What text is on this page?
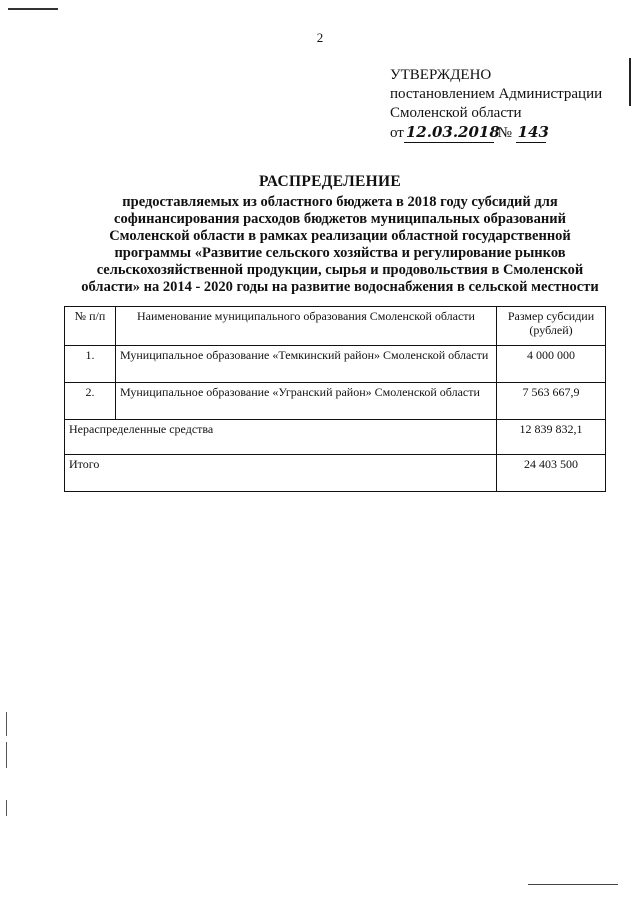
2
УТВЕРЖДЕНО
постановлением Администрации
Смоленской области
от 12.03.2018 № 143
РАСПРЕДЕЛЕНИЕ
предоставляемых из областного бюджета в 2018 году субсидий для
софинансирования расходов бюджетов муниципальных образований
Смоленской области в рамках реализации областной государственной
программы «Развитие сельского хозяйства и регулирование рынков
сельскохозяйственной продукции, сырья и продовольствия в Смоленской
области» на 2014 - 2020 годы на развитие водоснабжения в сельской местности
№ п/п	Наименование муниципального образования Смоленской области	Размер субсидии (рублей)
1.	Муниципальное образование «Темкинский район» Смоленской области	4 000 000
2.	Муниципальное образование «Угранский район» Смоленской области	7 563 667,9
Нераспределенные средства		12 839 832,1
Итого		24 403 500
